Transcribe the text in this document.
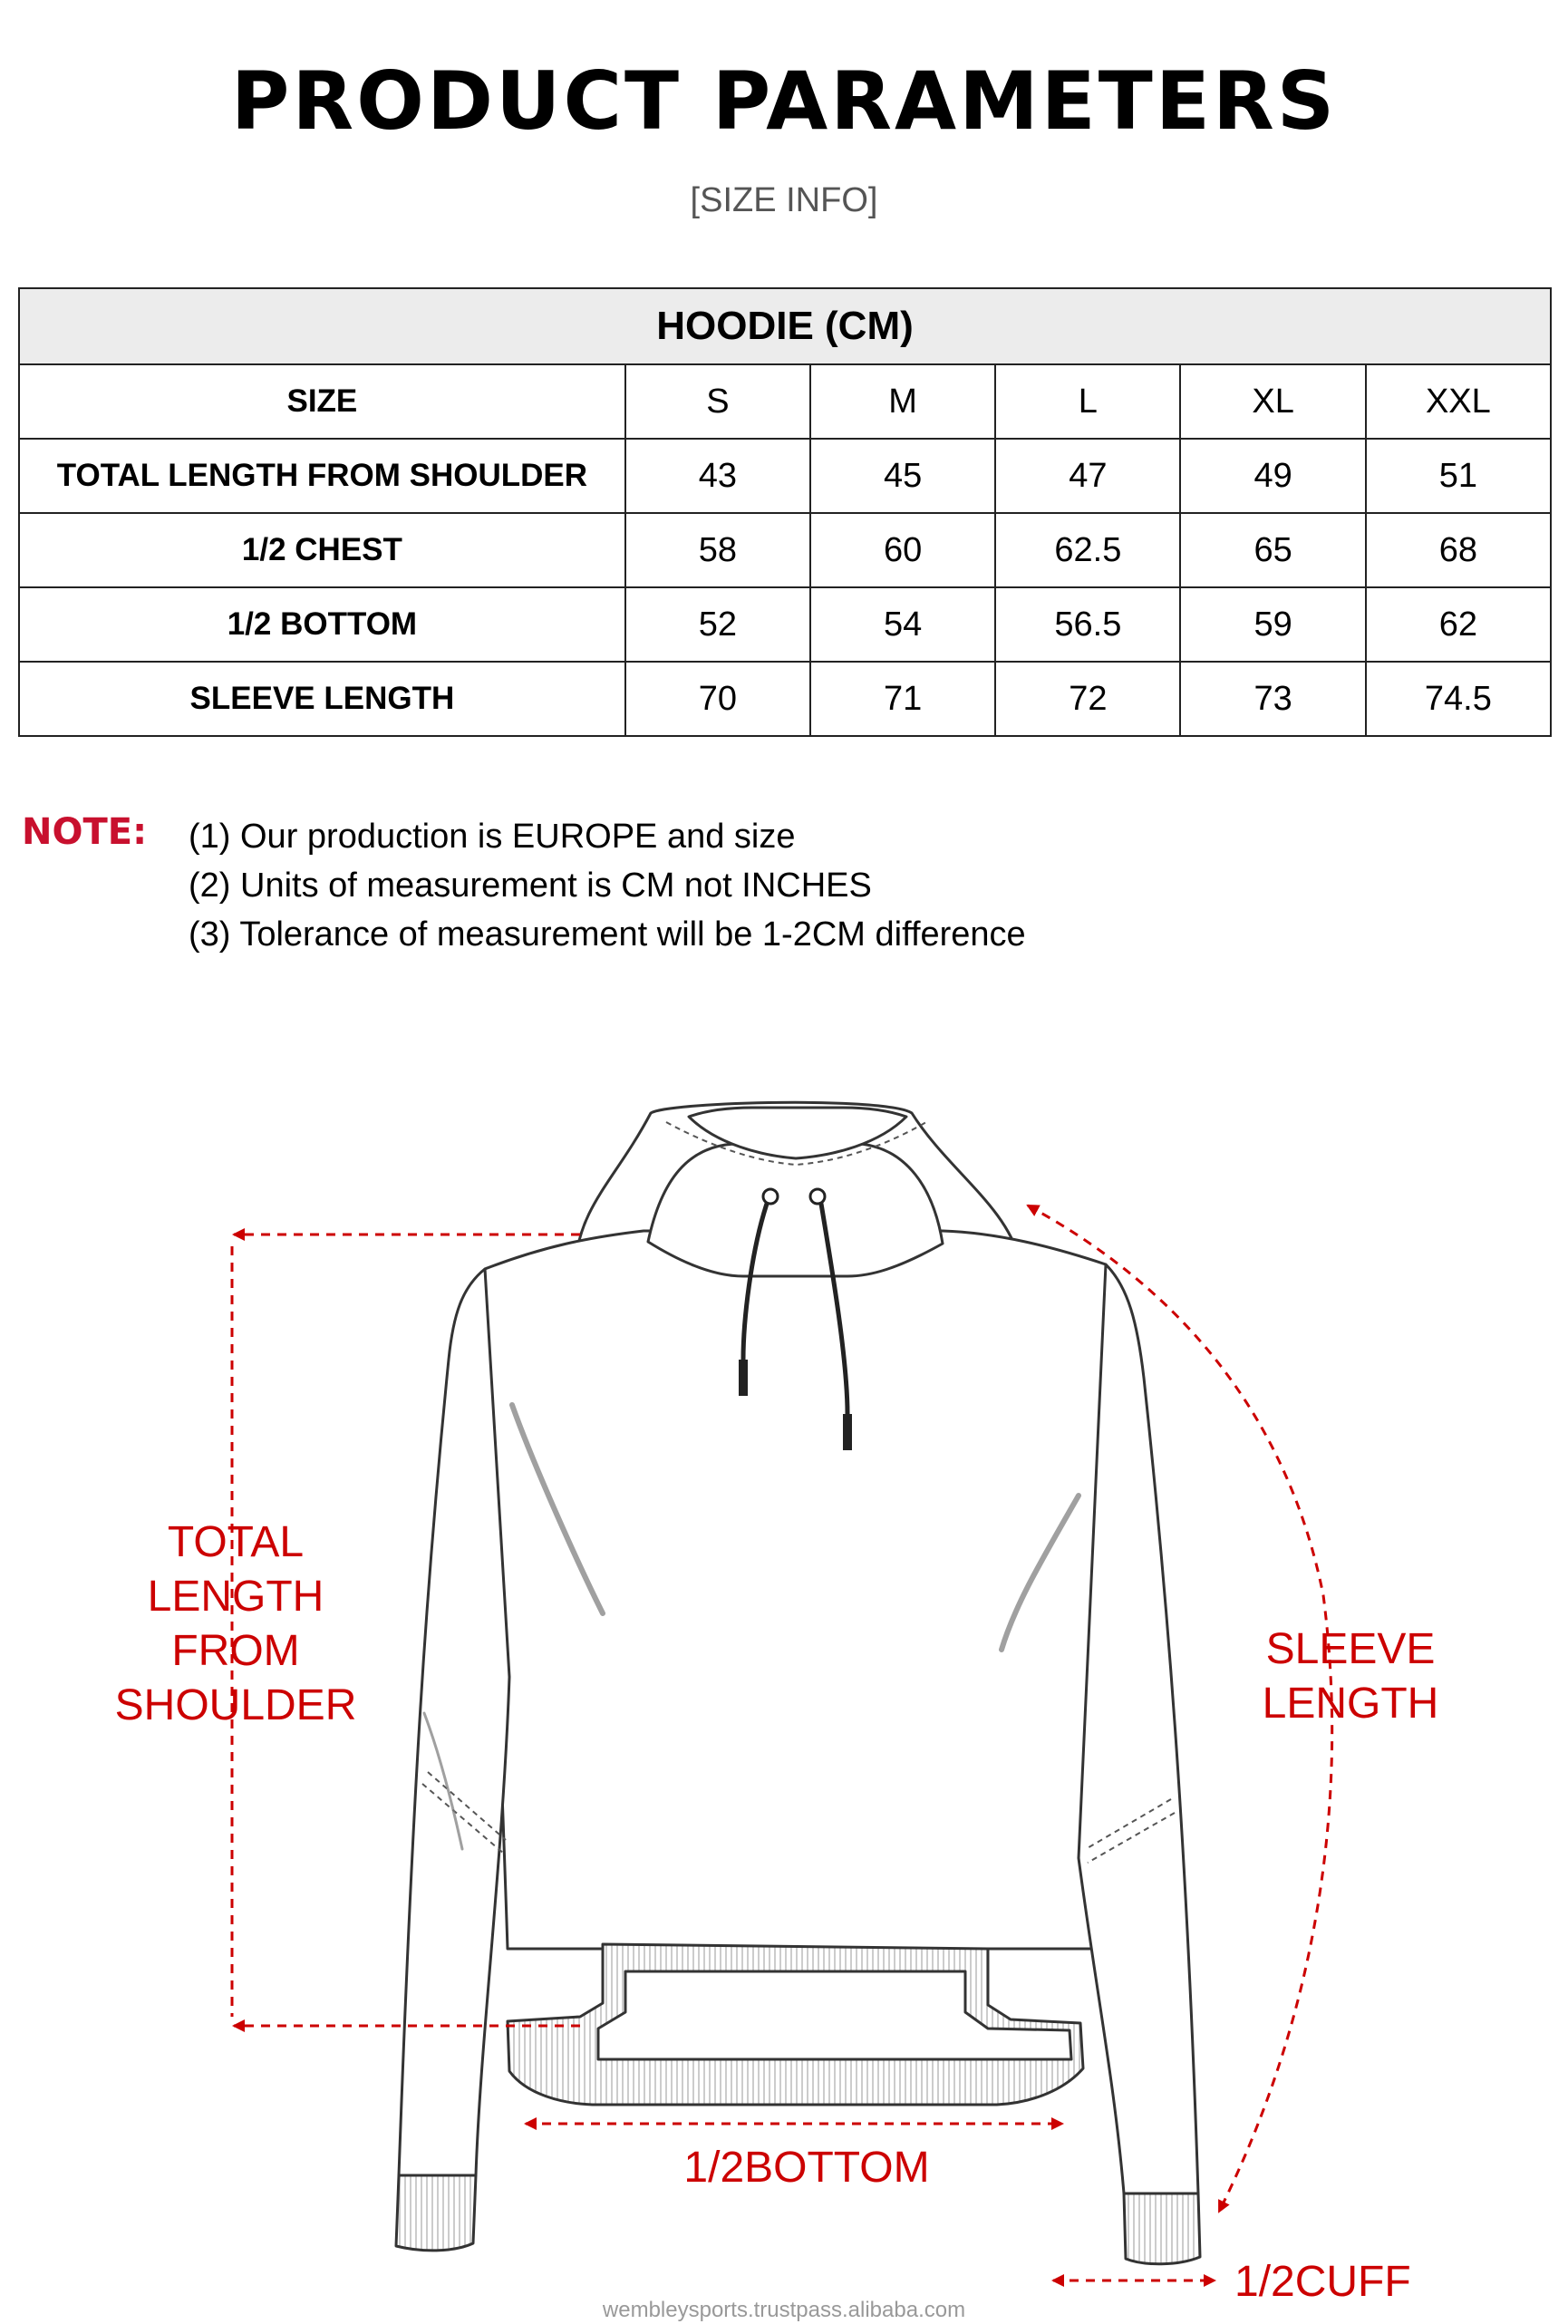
PRODUCT PARAMETERS
[SIZE INFO]
HOODIE (CM)					
SIZE	S	M	L	XL	XXL
TOTAL LENGTH FROM SHOULDER	43	45	47	49	51
1/2 CHEST	58	60	62.5	65	68
1/2 BOTTOM	52	54	56.5	59	62
SLEEVE LENGTH	70	71	72	73	74.5
NOTE: (1) Our production is EUROPE and size
(2) Units of measurement is CM not INCHES
(3) Tolerance of measurement will be 1-2CM difference
TOTAL
LENGTH
FROM
SHOULDER
SLEEVE
LENGTH
1/2BOTTOM
1/2CUFF
wembleysports.trustpass.alibaba.com
